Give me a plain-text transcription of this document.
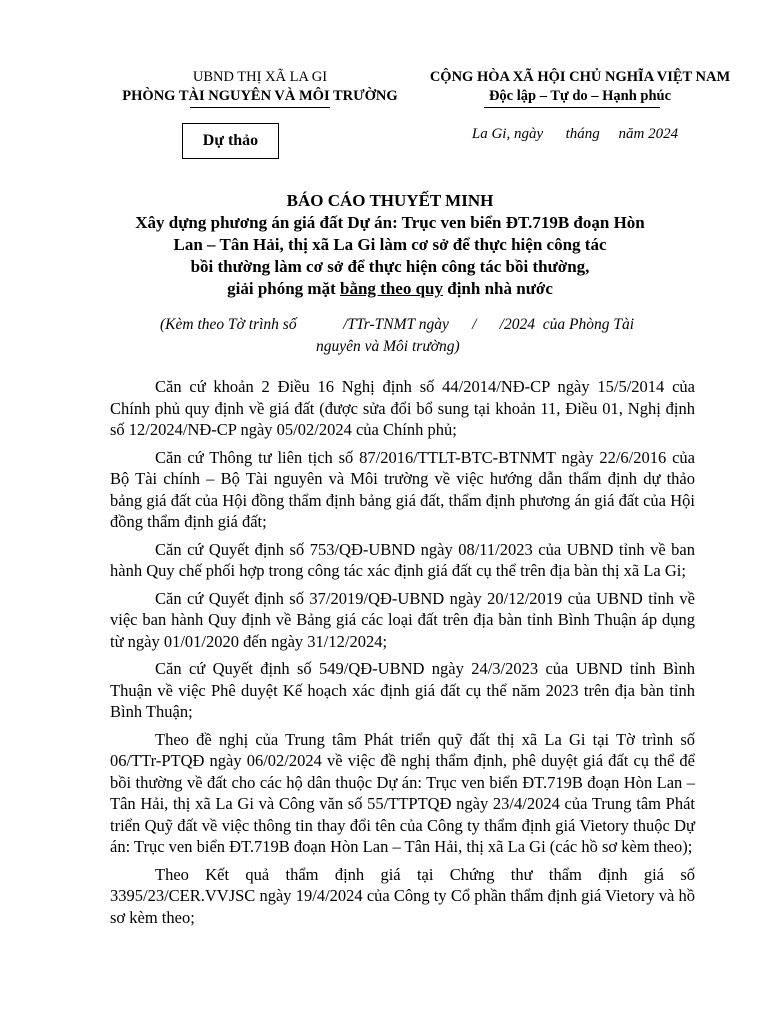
UBND THỊ XÃ LA GI
PHÒNG TÀI NGUYÊN VÀ MÔI TRƯỜNG
CỘNG HÒA XÃ HỘI CHỦ NGHĨA VIỆT NAM
Độc lập – Tự do – Hạnh phúc
Dự thảo	La Gi, ngày      tháng     năm 2024
BÁO CÁO THUYẾT MINH
Xây dựng phương án giá đất Dự án: Trục ven biển ĐT.719B đoạn Hòn
Lan – Tân Hải, thị xã La Gi làm cơ sở để thực hiện công tác
bồi thường làm cơ sở để thực hiện công tác bồi thường,
giải phóng mặt bằng theo quy định nhà nước
(Kèm theo Tờ trình số            /TTr-TNMT ngày      /      /2024  của Phòng Tài
nguyên và Môi trường)

Căn cứ khoản 2 Điều 16 Nghị định số 44/2014/NĐ-CP ngày 15/5/2014 của Chính phủ quy định về giá đất (được sửa đổi bổ sung tại khoản 11, Điều 01, Nghị định số 12/2024/NĐ-CP ngày 05/02/2024 của Chính phủ;

Căn cứ Thông tư liên tịch số 87/2016/TTLT-BTC-BTNMT ngày 22/6/2016 của Bộ Tài chính – Bộ Tài nguyên và Môi trường về việc hướng dẫn thẩm định dự thảo bảng giá đất của Hội đồng thẩm định bảng giá đất, thẩm định phương án giá đất của Hội đồng thẩm định giá đất;

Căn cứ Quyết định số 753/QĐ-UBND ngày 08/11/2023 của UBND tỉnh về ban hành Quy chế phối hợp trong công tác xác định giá đất cụ thể trên địa bàn thị xã La Gi;

Căn cứ Quyết định số 37/2019/QĐ-UBND ngày 20/12/2019 của UBND tỉnh về việc ban hành Quy định về Bảng giá các loại đất trên địa bàn tỉnh Bình Thuận áp dụng từ ngày 01/01/2020 đến ngày 31/12/2024;

Căn cứ Quyết định số 549/QĐ-UBND ngày 24/3/2023 của UBND tỉnh Bình Thuận về việc Phê duyệt Kế hoạch xác định giá đất cụ thể năm 2023 trên địa bàn tỉnh Bình Thuận;

Theo đề nghị của Trung tâm Phát triển quỹ đất thị xã La Gi tại Tờ trình số 06/TTr-PTQĐ ngày 06/02/2024 về việc đề nghị thẩm định, phê duyệt giá đất cụ thể để bồi thường về đất cho các hộ dân thuộc Dự án: Trục ven biển ĐT.719B đoạn Hòn Lan – Tân Hải, thị xã La Gi và Công văn số 55/TTPTQĐ ngày 23/4/2024 của Trung tâm Phát triển Quỹ đất về việc thông tin thay đổi tên của Công ty thẩm định giá Vietory thuộc Dự án: Trục ven biển ĐT.719B đoạn Hòn Lan – Tân Hải, thị xã La Gi (các hồ sơ kèm theo);

Theo Kết quả thẩm định giá tại Chứng thư thẩm định giá số 3395/23/CER.VVJSC ngày 19/4/2024 của Công ty Cổ phần thẩm định giá Vietory và hồ sơ kèm theo;
